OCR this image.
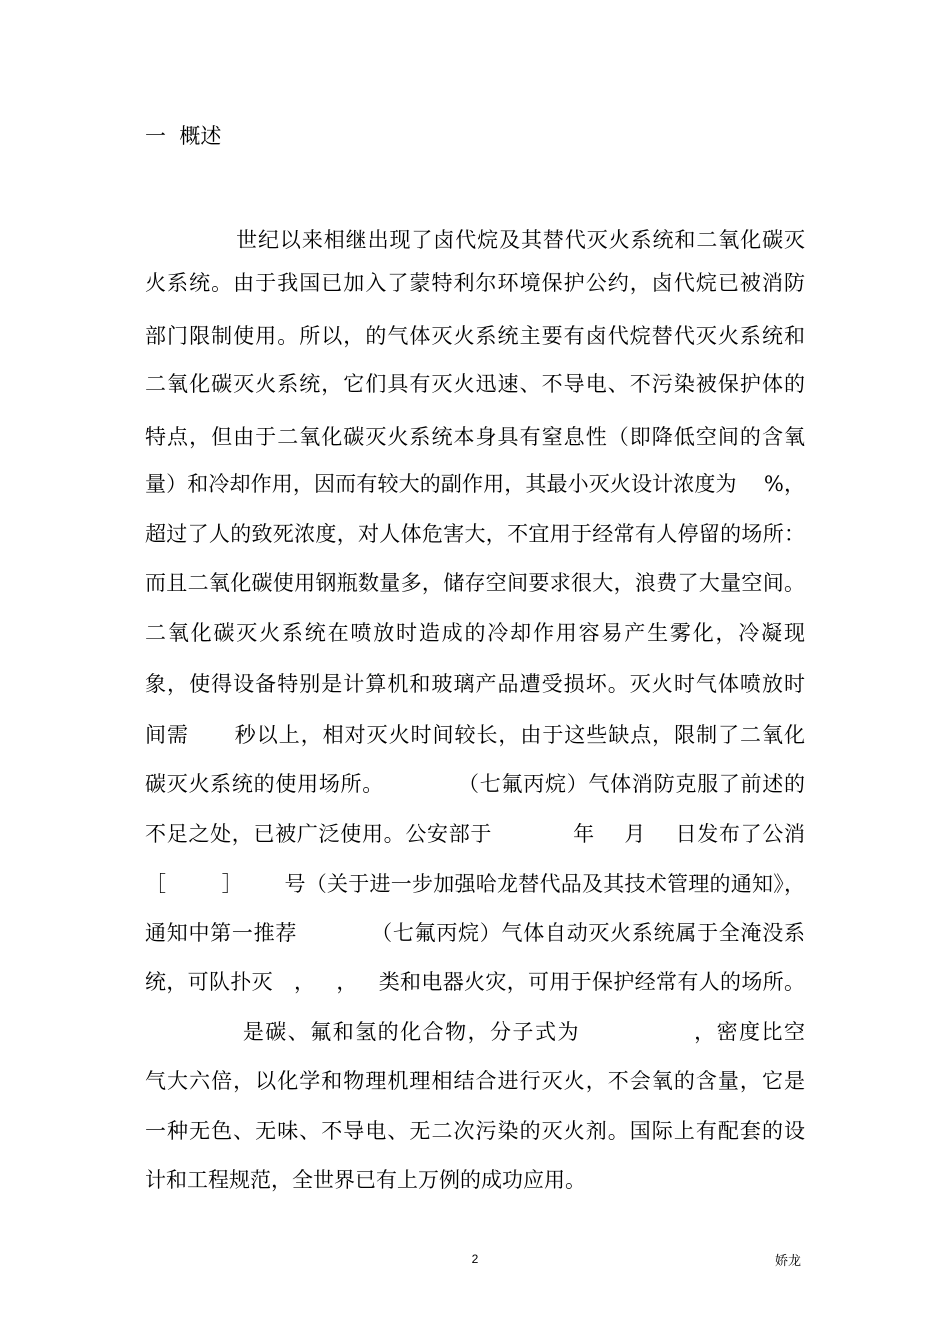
一  概述
世纪以来相继出现了卤代烷及其替代灭火系统和二氧化碳灭
火系统。由于我国已加入了蒙特利尔环境保护公约，卤代烷已被消防
部门限制使用。所以，的气体灭火系统主要有卤代烷替代灭火系统和
二氧化碳灭火系统，它们具有灭火迅速、不导电、不污染被保护体的
特点，但由于二氧化碳灭火系统本身具有窒息性（即降低空间的含氧
量）和冷却作用，因而有较大的副作用，其最小灭火设计浓度为    %，
超过了人的致死浓度，对人体危害大，不宜用于经常有人停留的场所：
而且二氧化碳使用钢瓶数量多，储存空间要求很大，浪费了大量空间。
二氧化碳灭火系统在喷放时造成的冷却作用容易产生雾化，冷凝现
象，使得设备特别是计算机和玻璃产品遭受损坏。灭火时气体喷放时
间需      秒以上，相对灭火时间较长，由于这些缺点，限制了二氧化
碳灭火系统的使用场所。          （七氟丙烷）气体消防克服了前述的
不足之处，已被广泛使用。公安部于           年    月    日发布了公消
［        ］      号（关于进一步加强哈龙替代品及其技术管理的通知》，
通知中第一推荐          （七氟丙烷）气体自动灭火系统属于全淹没系
统，可队扑灭   ，   ，   类和电器火灾，可用于保护经常有人的场所。
是碳、氟和氢的化合物，分子式为              ，密度比空
气大六倍，以化学和物理机理相结合进行灭火，不会氧的含量，它是
一种无色、无味、不导电、无二次污染的灭火剂。国际上有配套的设
计和工程规范，全世界已有上万例的成功应用。
2	娇龙
